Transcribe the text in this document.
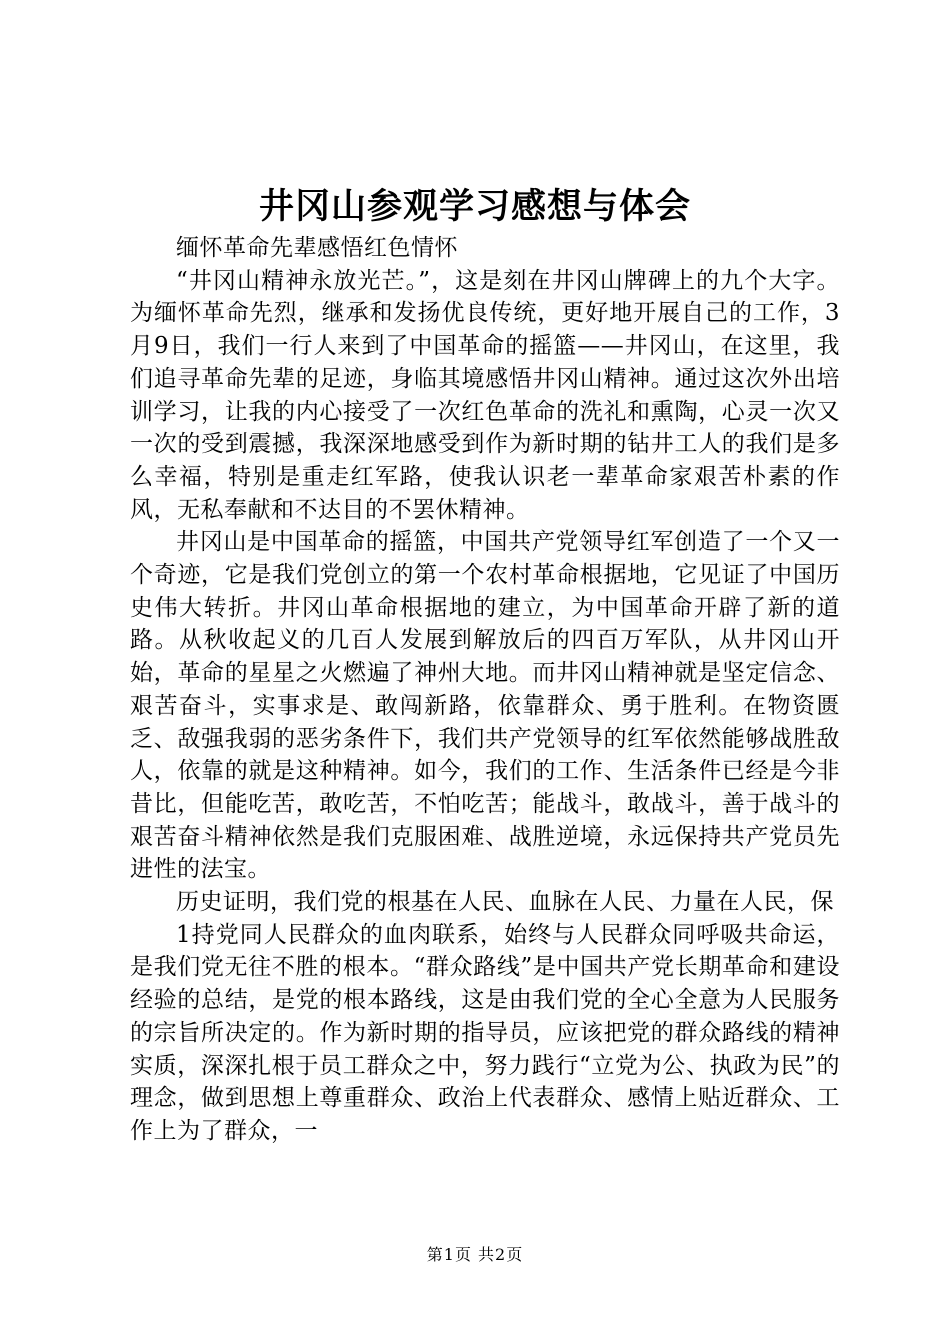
井冈山参观学习感想与体会

缅怀革命先辈感悟红色情怀

“井冈山精神永放光芒。”，这是刻在井冈山牌碑上的九个大字。为缅怀革命先烈，继承和发扬优良传统，更好地开展自己的工作，3月9日，我们一行人来到了中国革命的摇篮——井冈山，在这里，我们追寻革命先辈的足迹，身临其境感悟井冈山精神。通过这次外出培训学习，让我的内心接受了一次红色革命的洗礼和熏陶，心灵一次又一次的受到震撼，我深深地感受到作为新时期的钻井工人的我们是多么幸福，特别是重走红军路，使我认识老一辈革命家艰苦朴素的作风，无私奉献和不达目的不罢休精神。

井冈山是中国革命的摇篮，中国共产党领导红军创造了一个又一个奇迹，它是我们党创立的第一个农村革命根据地，它见证了中国历史伟大转折。井冈山革命根据地的建立，为中国革命开辟了新的道路。从秋收起义的几百人发展到解放后的四百万军队，从井冈山开始，革命的星星之火燃遍了神州大地。而井冈山精神就是坚定信念、艰苦奋斗，实事求是、敢闯新路，依靠群众、勇于胜利。在物资匮乏、敌强我弱的恶劣条件下，我们共产党领导的红军依然能够战胜敌人，依靠的就是这种精神。如今，我们的工作、生活条件已经是今非昔比，但能吃苦，敢吃苦，不怕吃苦；能战斗，敢战斗，善于战斗的艰苦奋斗精神依然是我们克服困难、战胜逆境，永远保持共产党员先进性的法宝。

历史证明，我们党的根基在人民、血脉在人民、力量在人民，保

1持党同人民群众的血肉联系，始终与人民群众同呼吸共命运，是我们党无往不胜的根本。“群众路线”是中国共产党长期革命和建设经验的总结，是党的根本路线，这是由我们党的全心全意为人民服务的宗旨所决定的。作为新时期的指导员，应该把党的群众路线的精神实质，深深扎根于员工群众之中，努力践行“立党为公、执政为民”的理念，做到思想上尊重群众、政治上代表群众、感情上贴近群众、工作上为了群众，一

第1页 共2页
